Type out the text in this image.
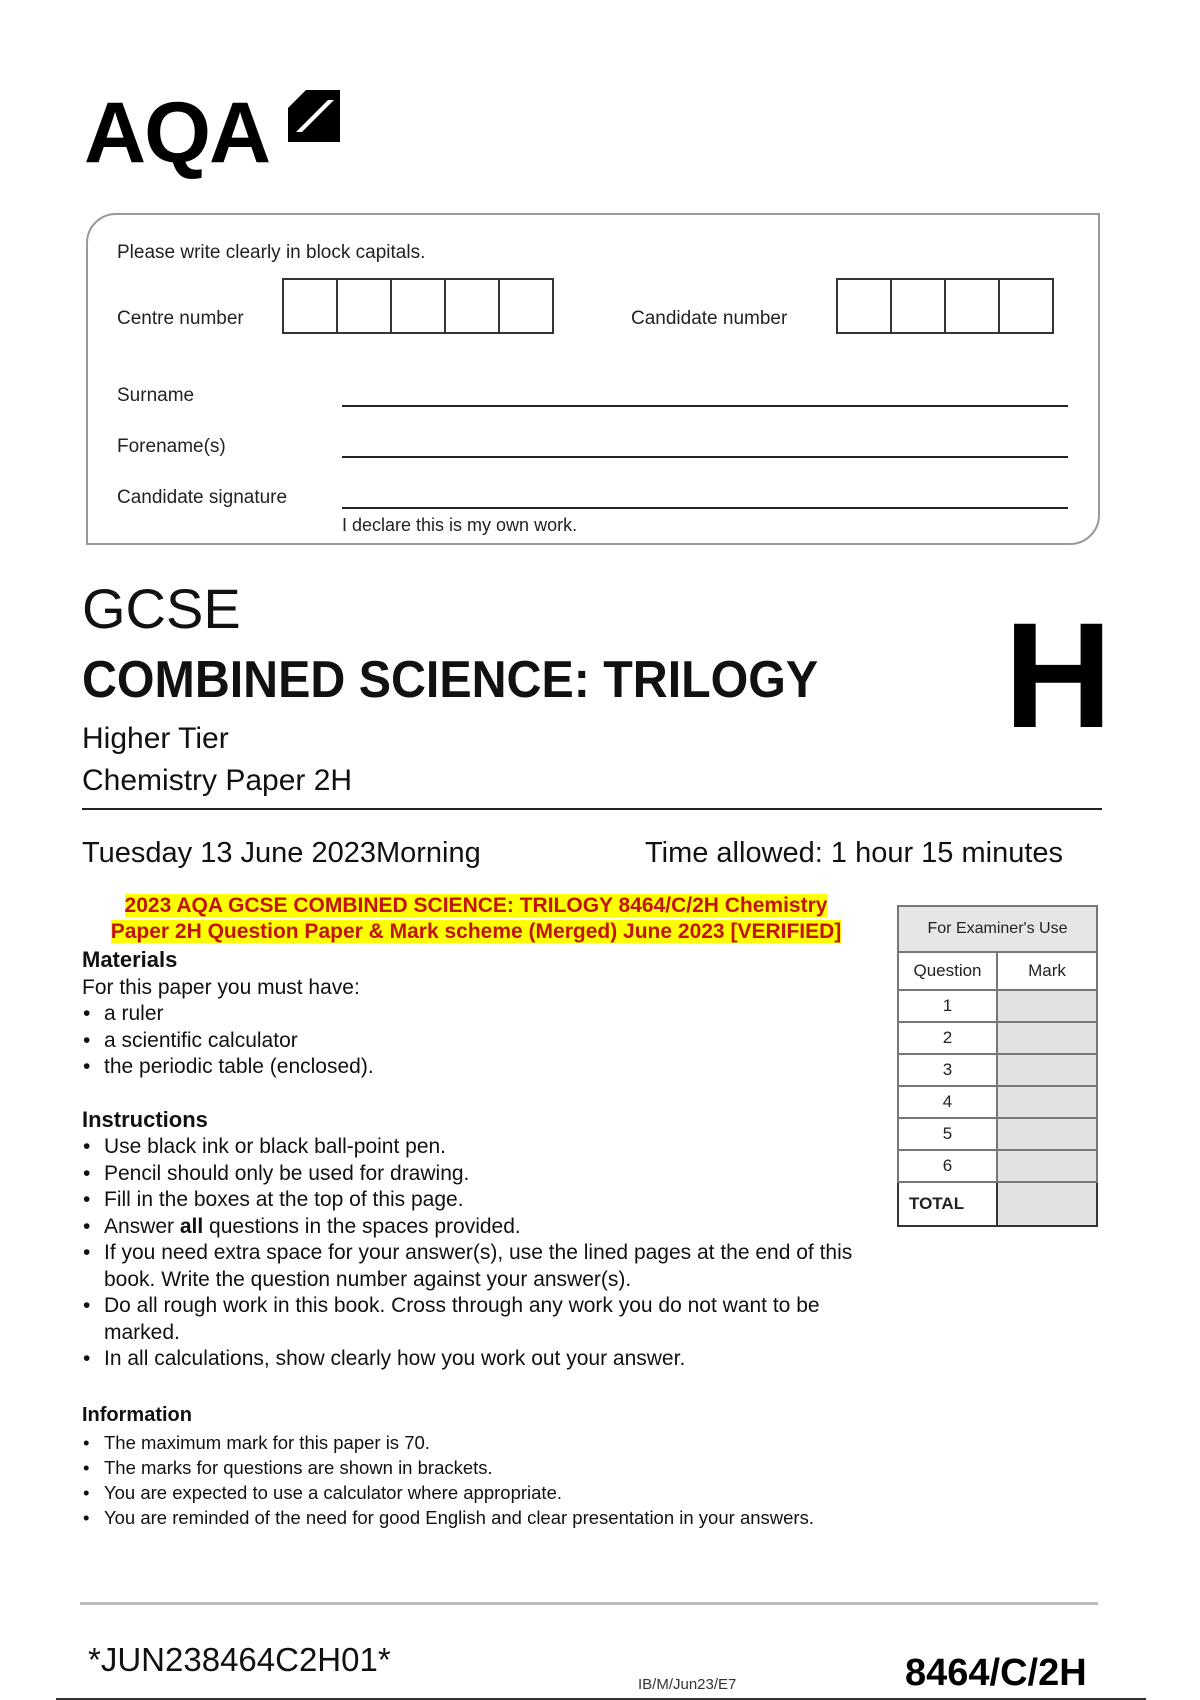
AQA
Please write clearly in block capitals.
Centre number	Candidate number
Surname
Forename(s)
Candidate signature
I declare this is my own work.
GCSE
COMBINED SCIENCE: TRILOGY H
Higher Tier
Chemistry Paper 2H
Tuesday 13 June 2023Morning	Time allowed: 1 hour 15 minutes
2023 AQA GCSE COMBINED SCIENCE: TRILOGY 8464/C/2H Chemistry
Paper 2H Question Paper & Mark scheme (Merged) June 2023 [VERIFIED]
Materials
For this paper you must have:
• a ruler
• a scientific calculator
• the periodic table (enclosed).
Instructions
• Use black ink or black ball-point pen.
• Pencil should only be used for drawing.
• Fill in the boxes at the top of this page.
• Answer all questions in the spaces provided.
• If you need extra space for your answer(s), use the lined pages at the end of this book. Write the question number against your answer(s).
• Do all rough work in this book. Cross through any work you do not want to be marked.
• In all calculations, show clearly how you work out your answer.
Information
• The maximum mark for this paper is 70.
• The marks for questions are shown in brackets.
• You are expected to use a calculator where appropriate.
• You are reminded of the need for good English and clear presentation in your answers.
For Examiner's Use	
Question	Mark
1	
2	
3	
4	
5	
6	
TOTAL	
*JUN238464C2H01*
IB/M/Jun23/E7	8464/C/2H
